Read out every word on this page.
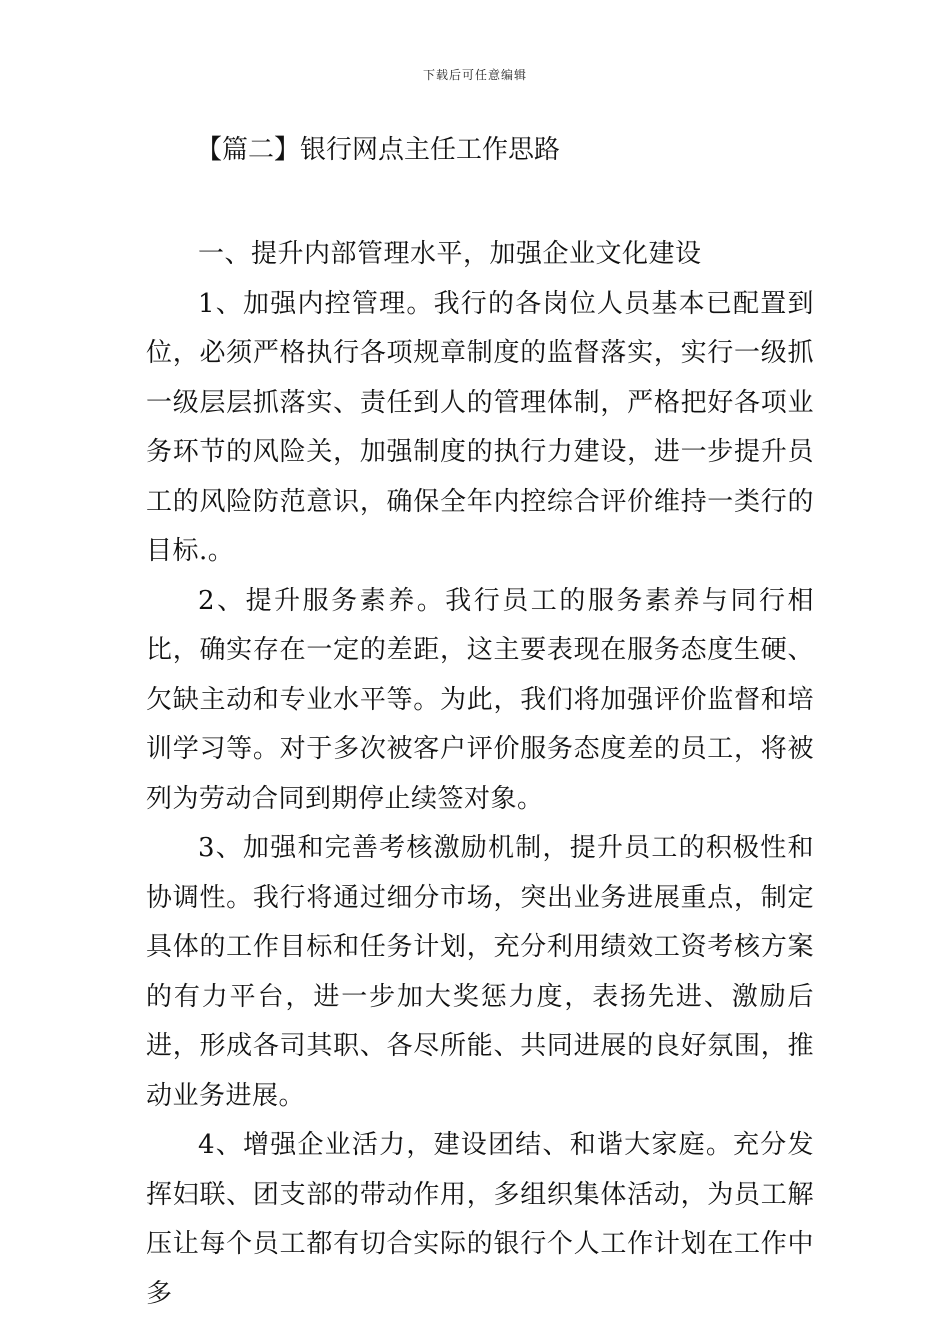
下载后可任意编辑
【篇二】银行网点主任工作思路

一、提升内部管理水平，加强企业文化建设

1、加强内控管理。我行的各岗位人员基本已配置到位，必须严格执行各项规章制度的监督落实，实行一级抓一级层层抓落实、责任到人的管理体制，严格把好各项业务环节的风险关，加强制度的执行力建设，进一步提升员工的风险防范意识，确保全年内控综合评价维持一类行的目标.。

2、提升服务素养。我行员工的服务素养与同行相比，确实存在一定的差距，这主要表现在服务态度生硬、欠缺主动和专业水平等。为此，我们将加强评价监督和培训学习等。对于多次被客户评价服务态度差的员工，将被列为劳动合同到期停止续签对象。

3、加强和完善考核激励机制，提升员工的积极性和协调性。我行将通过细分市场，突出业务进展重点，制定具体的工作目标和任务计划，充分利用绩效工资考核方案的有力平台，进一步加大奖惩力度，表扬先进、激励后进，形成各司其职、各尽所能、共同进展的良好氛围，推动业务进展。

4、增强企业活力，建设团结、和谐大家庭。充分发挥妇联、团支部的带动作用，多组织集体活动，为员工解压让每个员工都有切合实际的银行个人工作计划在工作中多
